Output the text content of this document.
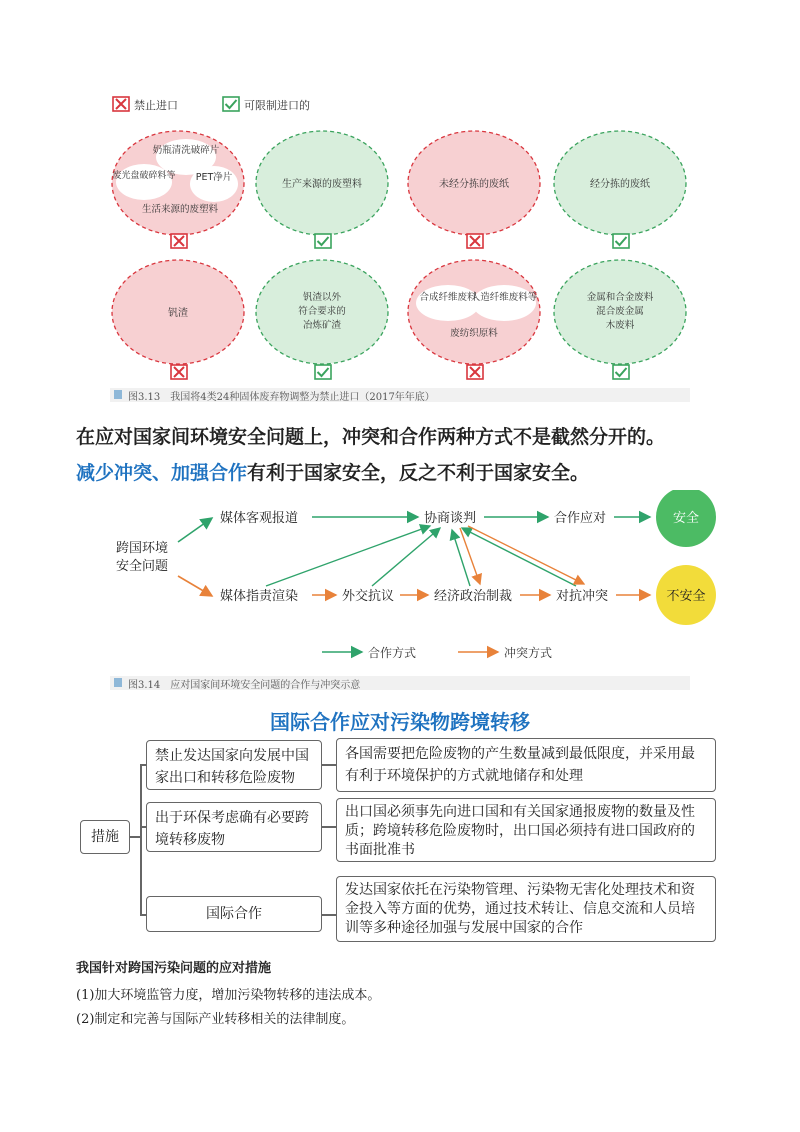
禁止进口	可限制进口的
奶瓶清洗破碎片
废光盘破碎料等 PET净片
生活来源的废塑料
生产来源的废塑料	未经分拣的废纸	经分拣的废纸
钒渣
钒渣以外
符合要求的
冶炼矿渣
合成纤维废料
人造纤维废料等
废纺织原料
金属和合金废料
混合废金属
木废料
图3.13　我国将4类24种固体废弃物调整为禁止进口（2017年年底）
在应对国家间环境安全问题上，冲突和合作两种方式不是截然分开的。
减少冲突、加强合作有利于国家安全，反之不利于国家安全。
跨国环境
安全问题
媒体客观报道	协商谈判	合作应对	安全
媒体指责渲染	外交抗议	经济政治制裁	对抗冲突	不安全
合作方式	冲突方式
图3.14　应对国家间环境安全问题的合作与冲突示意
国际合作应对污染物跨境转移
措施
禁止发达国家向发展中国家出口和转移危险废物
各国需要把危险废物的产生数量减到最低限度，并采用最有利于环境保护的方式就地储存和处理
出于环保考虑确有必要跨境转移废物
出口国必须事先向进口国和有关国家通报废物的数量及性质；跨境转移危险废物时，出口国必须持有进口国政府的书面批准书
国际合作
发达国家依托在污染物管理、污染物无害化处理技术和资金投入等方面的优势，通过技术转让、信息交流和人员培训等多种途径加强与发展中国家的合作
我国针对跨国污染问题的应对措施
(1)加大环境监管力度，增加污染物转移的违法成本。
(2)制定和完善与国际产业转移相关的法律制度。
